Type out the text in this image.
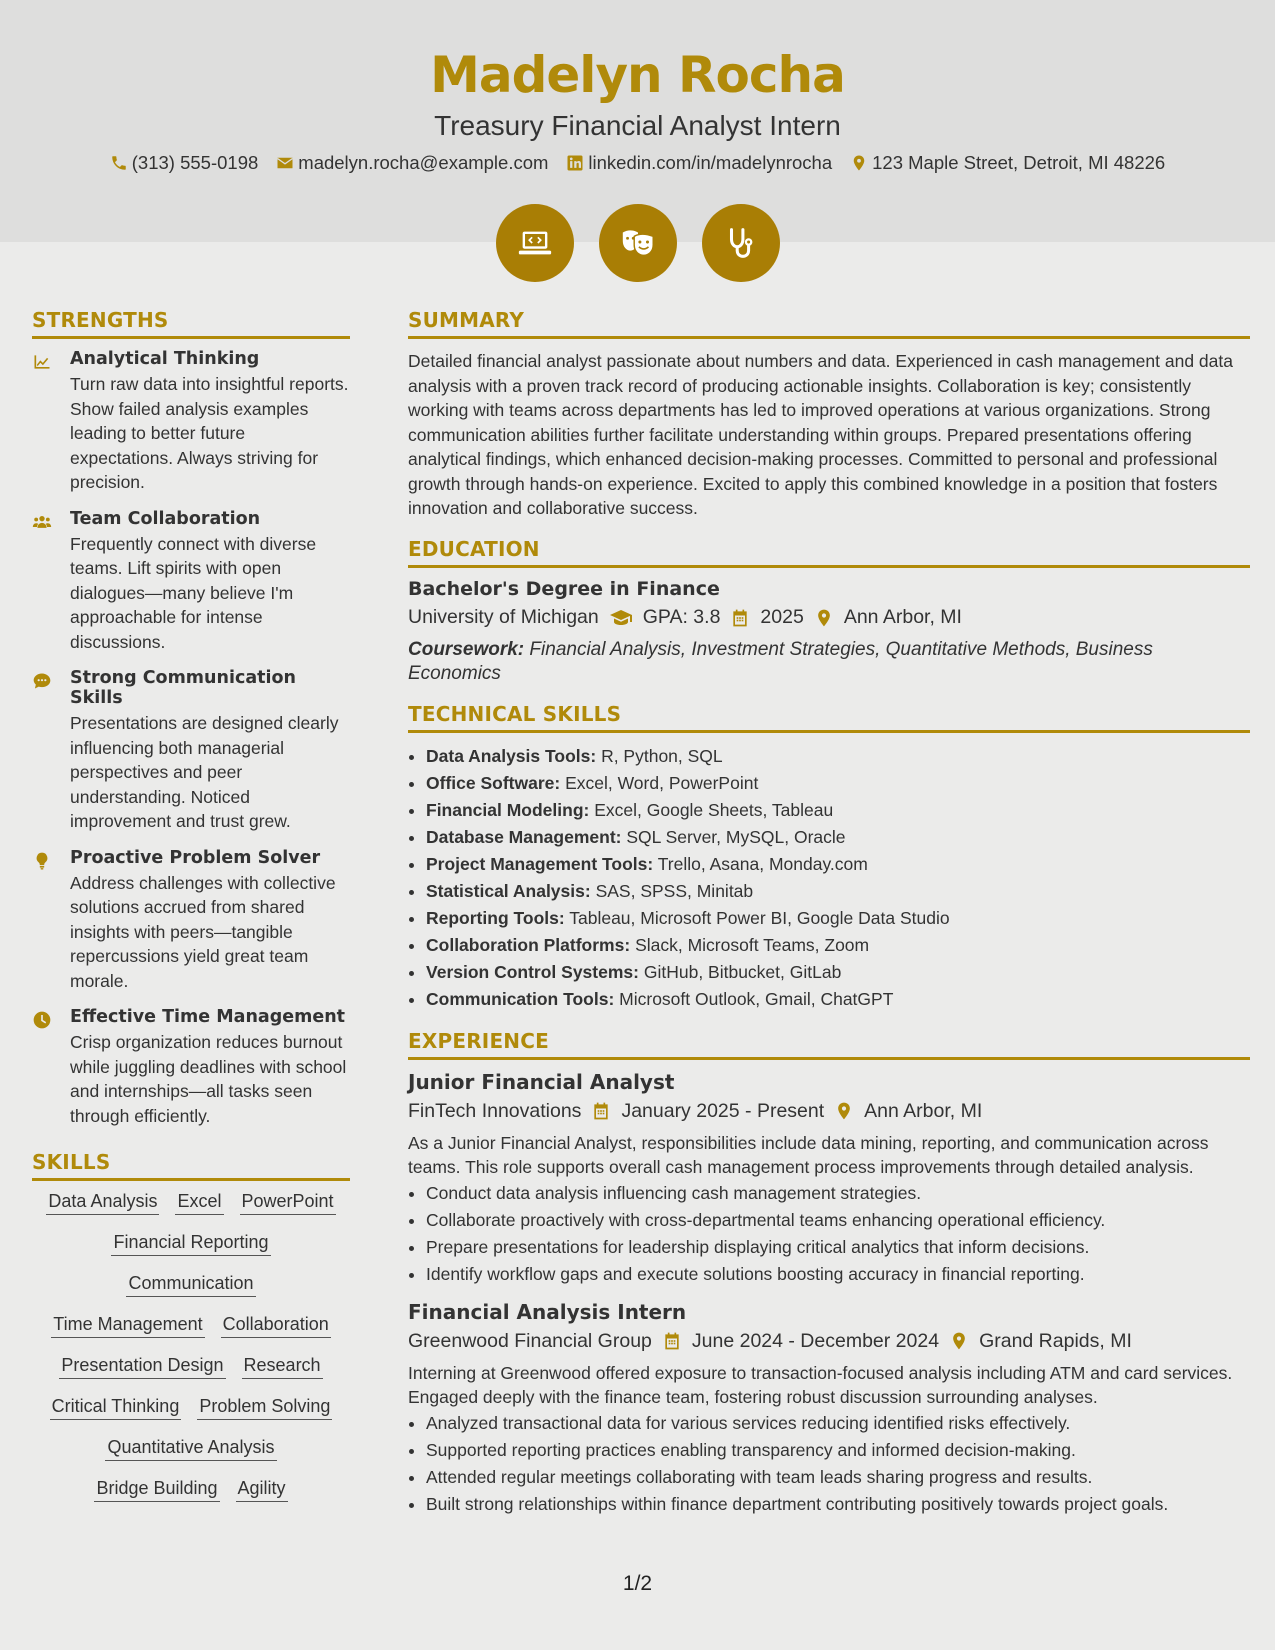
Madelyn Rocha
Treasury Financial Analyst Intern
(313) 555-0198 madelyn.rocha@example.com linkedin.com/in/madelynrocha 123 Maple Street, Detroit, MI 48226
STRENGTHS
Analytical Thinking
Turn raw data into insightful reports. Show failed analysis examples leading to better future expectations. Always striving for precision.
Team Collaboration
Frequently connect with diverse teams. Lift spirits with open dialogues—many believe I'm approachable for intense discussions.
Strong Communication Skills
Presentations are designed clearly influencing both managerial perspectives and peer understanding. Noticed improvement and trust grew.
Proactive Problem Solver
Address challenges with collective solutions accrued from shared insights with peers—tangible repercussions yield great team morale.
Effective Time Management
Crisp organization reduces burnout while juggling deadlines with school and internships—all tasks seen through efficiently.
SKILLS
Data Analysis Excel PowerPoint
Financial Reporting
Communication
Time Management Collaboration
Presentation Design Research
Critical Thinking Problem Solving
Quantitative Analysis
Bridge Building Agility
SUMMARY
Detailed financial analyst passionate about numbers and data. Experienced in cash management and data analysis with a proven track record of producing actionable insights. Collaboration is key; consistently working with teams across departments has led to improved operations at various organizations. Strong communication abilities further facilitate understanding within groups. Prepared presentations offering analytical findings, which enhanced decision-making processes. Committed to personal and professional growth through hands-on experience. Excited to apply this combined knowledge in a position that fosters innovation and collaborative success.
EDUCATION
Bachelor's Degree in Finance
University of Michigan GPA: 3.8 2025 Ann Arbor, MI
Coursework: Financial Analysis, Investment Strategies, Quantitative Methods, Business Economics
TECHNICAL SKILLS
• Data Analysis Tools: R, Python, SQL
• Office Software: Excel, Word, PowerPoint
• Financial Modeling: Excel, Google Sheets, Tableau
• Database Management: SQL Server, MySQL, Oracle
• Project Management Tools: Trello, Asana, Monday.com
• Statistical Analysis: SAS, SPSS, Minitab
• Reporting Tools: Tableau, Microsoft Power BI, Google Data Studio
• Collaboration Platforms: Slack, Microsoft Teams, Zoom
• Version Control Systems: GitHub, Bitbucket, GitLab
• Communication Tools: Microsoft Outlook, Gmail, ChatGPT
EXPERIENCE
Junior Financial Analyst
FinTech Innovations January 2025 - Present Ann Arbor, MI
As a Junior Financial Analyst, responsibilities include data mining, reporting, and communication across teams. This role supports overall cash management process improvements through detailed analysis.
• Conduct data analysis influencing cash management strategies.
• Collaborate proactively with cross-departmental teams enhancing operational efficiency.
• Prepare presentations for leadership displaying critical analytics that inform decisions.
• Identify workflow gaps and execute solutions boosting accuracy in financial reporting.
Financial Analysis Intern
Greenwood Financial Group June 2024 - December 2024 Grand Rapids, MI
Interning at Greenwood offered exposure to transaction-focused analysis including ATM and card services. Engaged deeply with the finance team, fostering robust discussion surrounding analyses.
• Analyzed transactional data for various services reducing identified risks effectively.
• Supported reporting practices enabling transparency and informed decision-making.
• Attended regular meetings collaborating with team leads sharing progress and results.
• Built strong relationships within finance department contributing positively towards project goals.
1/2
